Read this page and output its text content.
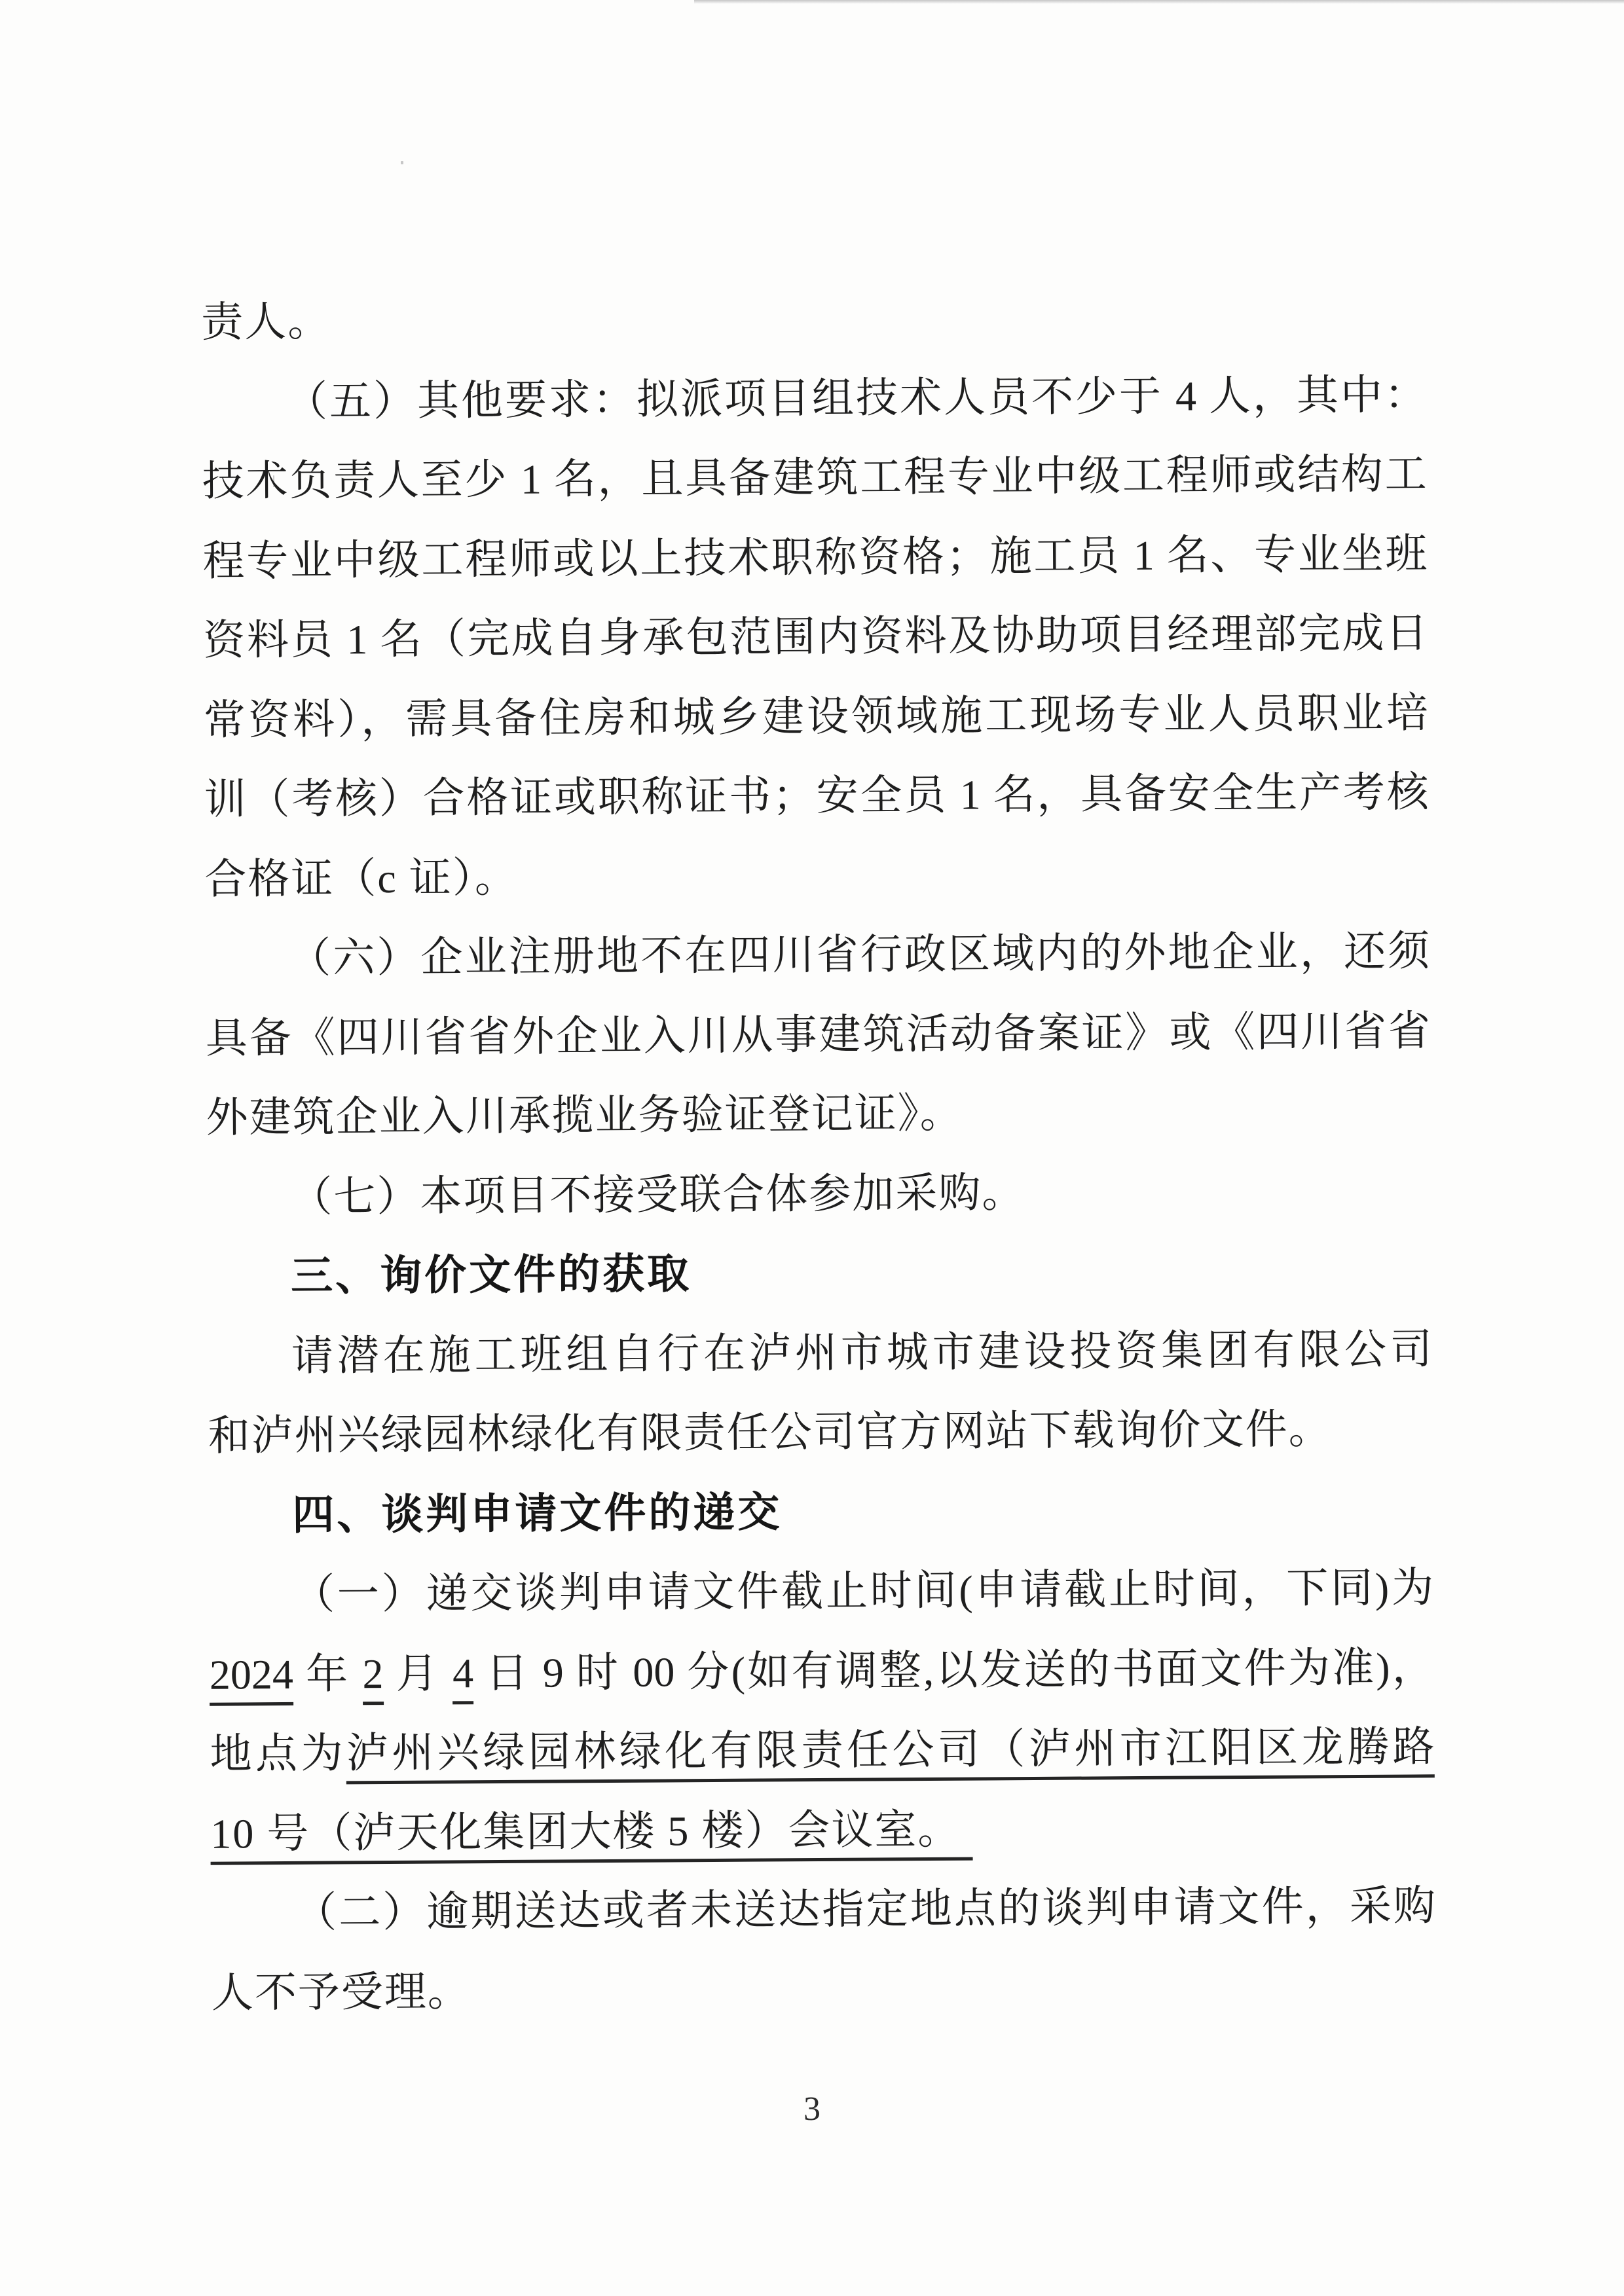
责人。
（五）其他要求：拟派项目组技术人员不少于 4 人，其中：
技术负责人至少 1 名，且具备建筑工程专业中级工程师或结构工
程专业中级工程师或以上技术职称资格；施工员 1 名、专业坐班
资料员 1 名（完成自身承包范围内资料及协助项目经理部完成日
常资料），需具备住房和城乡建设领域施工现场专业人员职业培
训（考核）合格证或职称证书；安全员 1 名，具备安全生产考核
合格证（c 证）。
（六）企业注册地不在四川省行政区域内的外地企业，还须
具备《四川省省外企业入川从事建筑活动备案证》或《四川省省
外建筑企业入川承揽业务验证登记证》。
（七）本项目不接受联合体参加采购。
三、询价文件的获取
请潜在施工班组自行在泸州市城市建设投资集团有限公司
和泸州兴绿园林绿化有限责任公司官方网站下载询价文件。
四、谈判申请文件的递交
（一）递交谈判申请文件截止时间(申请截止时间，下同)为
2024 年 2 月 4 日 9 时 00 分(如有调整,以发送的书面文件为准)，
地点为泸州兴绿园林绿化有限责任公司（泸州市江阳区龙腾路
10 号（泸天化集团大楼 5 楼）会议室。
（二）逾期送达或者未送达指定地点的谈判申请文件，采购
人不予受理。
3
